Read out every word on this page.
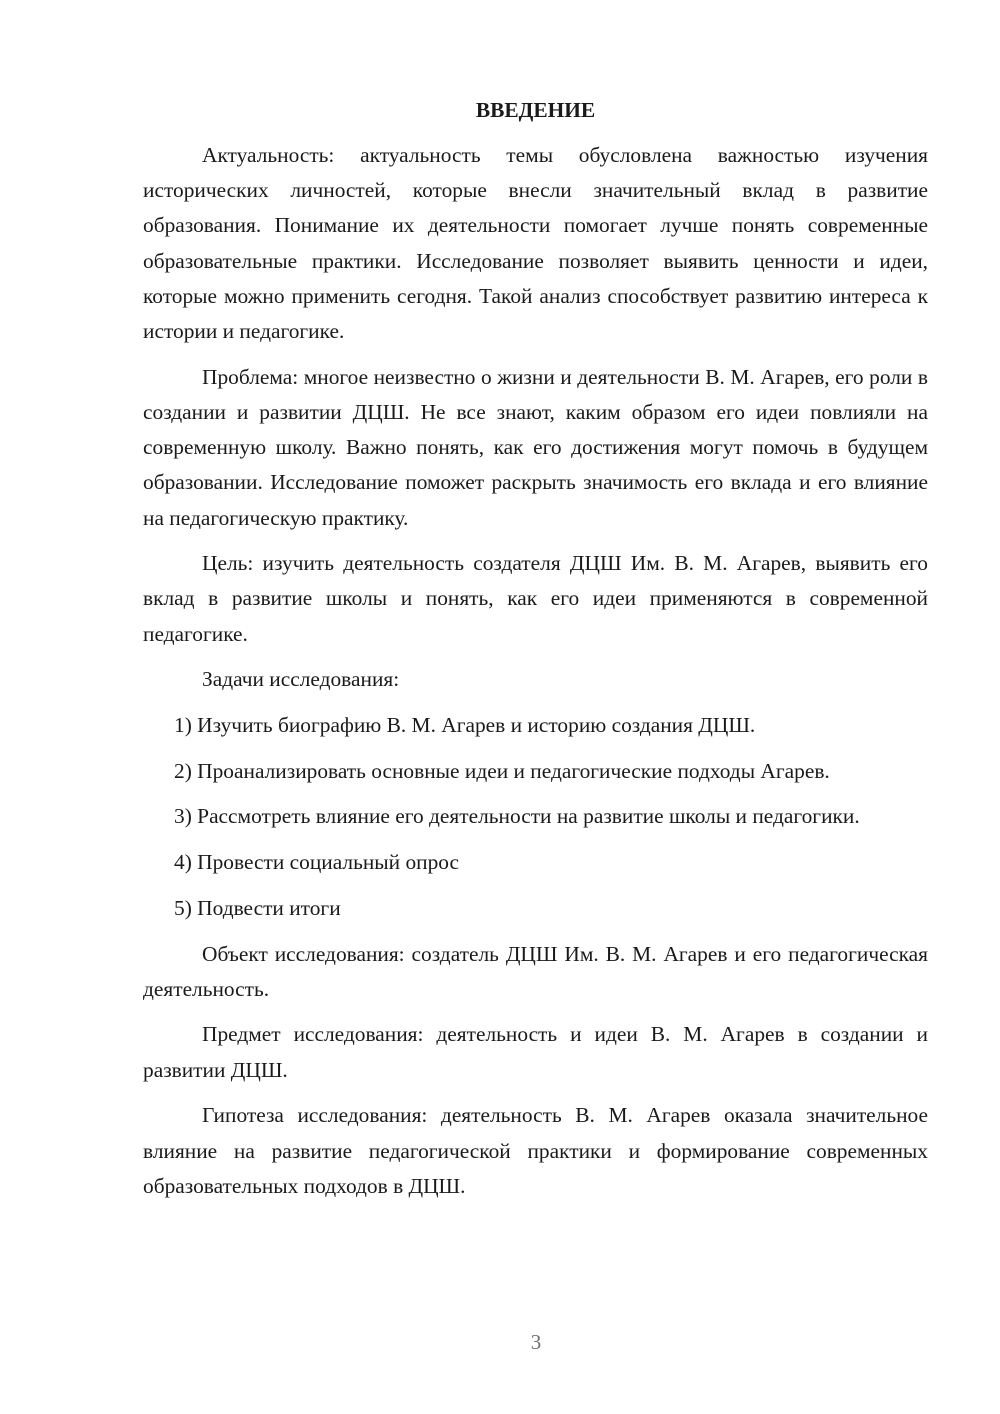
ВВЕДЕНИЕ

Актуальность: актуальность темы обусловлена важностью изучения исторических личностей, которые внесли значительный вклад в развитие образования. Понимание их деятельности помогает лучше понять современные образовательные практики. Исследование позволяет выявить ценности и идеи, которые можно применить сегодня. Такой анализ способствует развитию интереса к истории и педагогике.

Проблема: многое неизвестно о жизни и деятельности В. М. Агарев, его роли в создании и развитии ДЦШ. Не все знают, каким образом его идеи повлияли на современную школу. Важно понять, как его достижения могут помочь в будущем образовании. Исследование поможет раскрыть значимость его вклада и его влияние на педагогическую практику.

Цель: изучить деятельность создателя ДЦШ Им. В. М. Агарев, выявить его вклад в развитие школы и понять, как его идеи применяются в современной педагогике.

Задачи исследования:

1) Изучить биографию В. М. Агарев и историю создания ДЦШ.

2) Проанализировать основные идеи и педагогические подходы Агарев.

3) Рассмотреть влияние его деятельности на развитие школы и педагогики.

4) Провести социальный опрос

5) Подвести итоги

Объект исследования: создатель ДЦШ Им. В. М. Агарев и его педагогическая деятельность.

Предмет исследования: деятельность и идеи В. М. Агарев в создании и развитии ДЦШ.

Гипотеза исследования: деятельность В. М. Агарев оказала значительное влияние на развитие педагогической практики и формирование современных образовательных подходов в ДЦШ.

3
